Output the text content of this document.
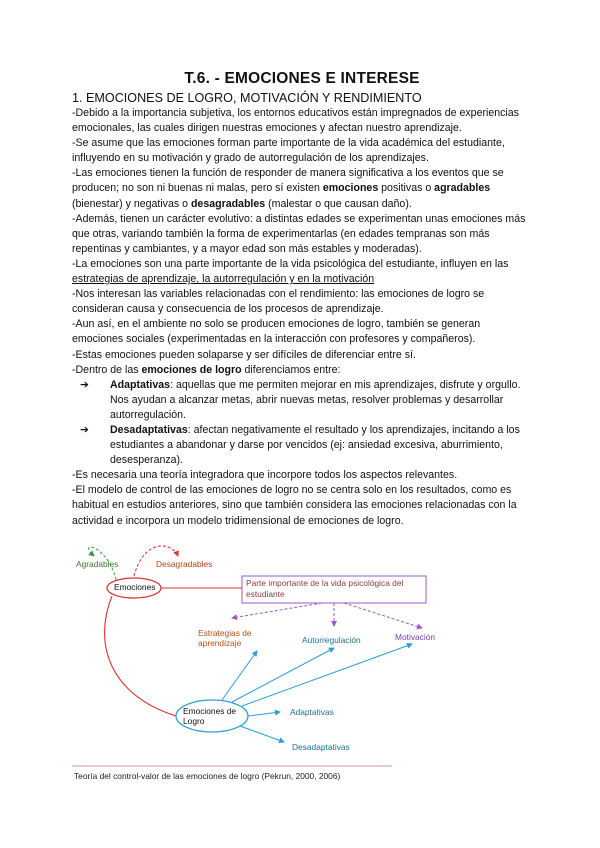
T.6. - EMOCIONES E INTERESE
1. EMOCIONES DE LOGRO, MOTIVACIÓN Y RENDIMIENTO

-Debido a la importancia subjetiva, los entornos educativos están impregnados de experiencias emocionales, las cuales dirigen nuestras emociones y afectan nuestro aprendizaje.

-Se asume que las emociones forman parte importante de la vida académica del estudiante, influyendo en su motivación y grado de autorregulación de los aprendizajes.

-Las emociones tienen la función de responder de manera significativa a los eventos que se producen; no son ni buenas ni malas, pero sí existen emociones positivas o agradables (bienestar) y negativas o desagradables (malestar o que causan daño).

-Además, tienen un carácter evolutivo: a distintas edades se experimentan unas emociones más que otras, variando también la forma de experimentarlas (en edades tempranas son más repentinas y cambiantes, y a mayor edad son más estables y moderadas).

-La emociones son una parte importante de la vida psicológica del estudiante, influyen en las estrategias de aprendizaje, la autorregulación y en la motivación

-Nos interesan las variables relacionadas con el rendimiento: las emociones de logro se consideran causa y consecuencia de los procesos de aprendizaje.

-Aun así, en el ambiente no solo se producen emociones de logro, también se generan emociones sociales (experimentadas en la interacción con profesores y compañeros).

-Estas emociones pueden solaparse y ser difíciles de diferenciar entre sí.

-Dentro de las emociones de logro diferenciamos entre:

➔ Adaptativas: aquellas que me permiten mejorar en mis aprendizajes, disfrute y orgullo. Nos ayudan a alcanzar metas, abrir nuevas metas, resolver problemas y desarrollar autorregulación.
➔ Desadaptativas: afectan negativamente el resultado y los aprendizajes, incitando a los estudiantes a abandonar y darse por vencidos (ej: ansiedad excesiva, aburrimiento, desesperanza).

-Es necesaria una teoría integradora que incorpore todos los aspectos relevantes.

-El modelo de control de las emociones de logro no se centra solo en los resultados, como es habitual en estudios anteriores, sino que también considera las emociones relacionadas con la actividad e incorpora un modelo tridimensional de emociones de logro.

Agradables	Desagradables
Emociones	Parte importante de la vida psicológica del estudiante
Estrategias de aprendizaje	Autorregulación	Motivación
Emociones de Logro
Adaptativas
Desadaptativas
Teoría del control-valor de las emociones de logro (Pekrun, 2000, 2006)
